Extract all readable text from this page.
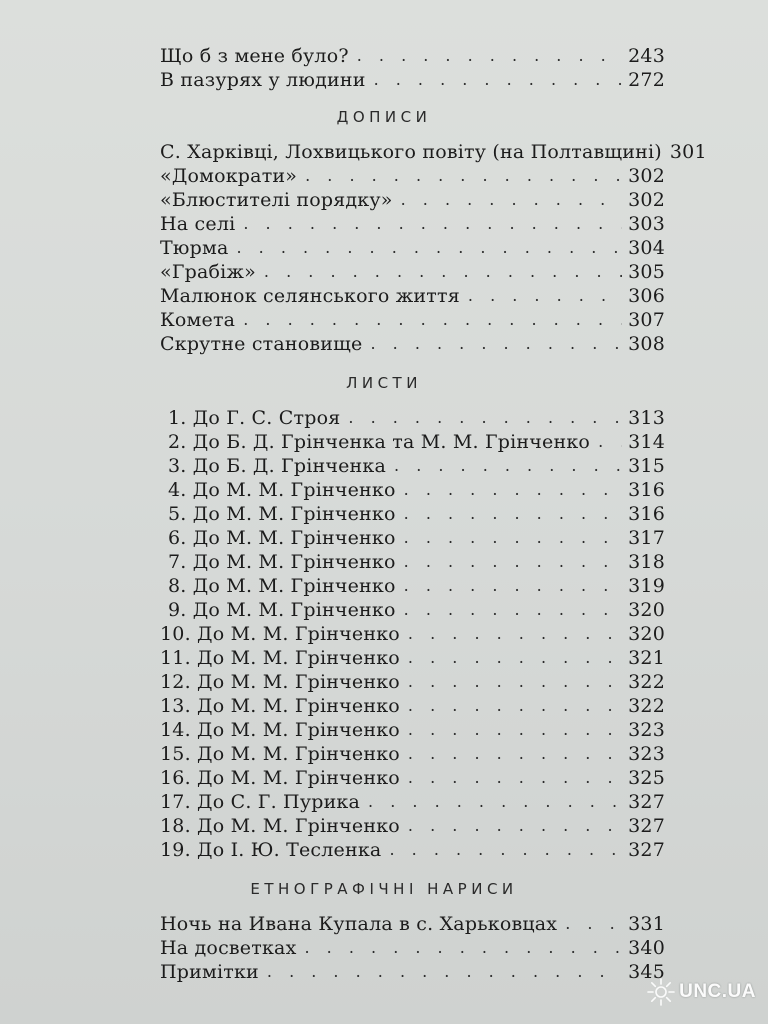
Що б з мене було? . . .	243
В пазурях у людини . . .	272
ДОПИСИ
С. Харківці, Лохвицького повіту (на Полтавщині) 301
«Домократи» . . .	302
«Блюстителі порядку» . . .	302
На селі . . .	303
Тюрма . . .	304
«Грабіж» . . .	305
Малюнок селянського життя . . .	306
Комета . . .	307
Скрутне становище . . .	308
ЛИСТИ
1. До Г. С. Строя . . .	313
2. До Б. Д. Грінченка та М. М. Грінченко . . . 314
3. До Б. Д. Грінченка . . .	315
4. До М. М. Грінченко . . .	316
5. До М. М. Грінченко . . .	316
6. До М. М. Грінченко . . .	317
7. До М. М. Грінченко . . .	318
8. До М. М. Грінченко . . .	319
9. До М. М. Грінченко . . .	320
10. До М. М. Грінченко . . .	320
11. До М. М. Грінченко . . .	321
12. До М. М. Грінченко . . .	322
13. До М. М. Грінченко . . .	322
14. До М. М. Грінченко . . .	323
15. До М. М. Грінченко . . .	323
16. До М. М. Грінченко . . .	325
17. До С. Г. Пурика . . .	327
18. До М. М. Грінченко . . .	327
19. До І. Ю. Тесленка . . .	327
ЕТНОГРАФІЧНІ НАРИСИ
Ночь на Ивана Купала в с. Харьковцах . . .	331
На досветках . . .	340
Примітки . . .	345
UNC.UA
